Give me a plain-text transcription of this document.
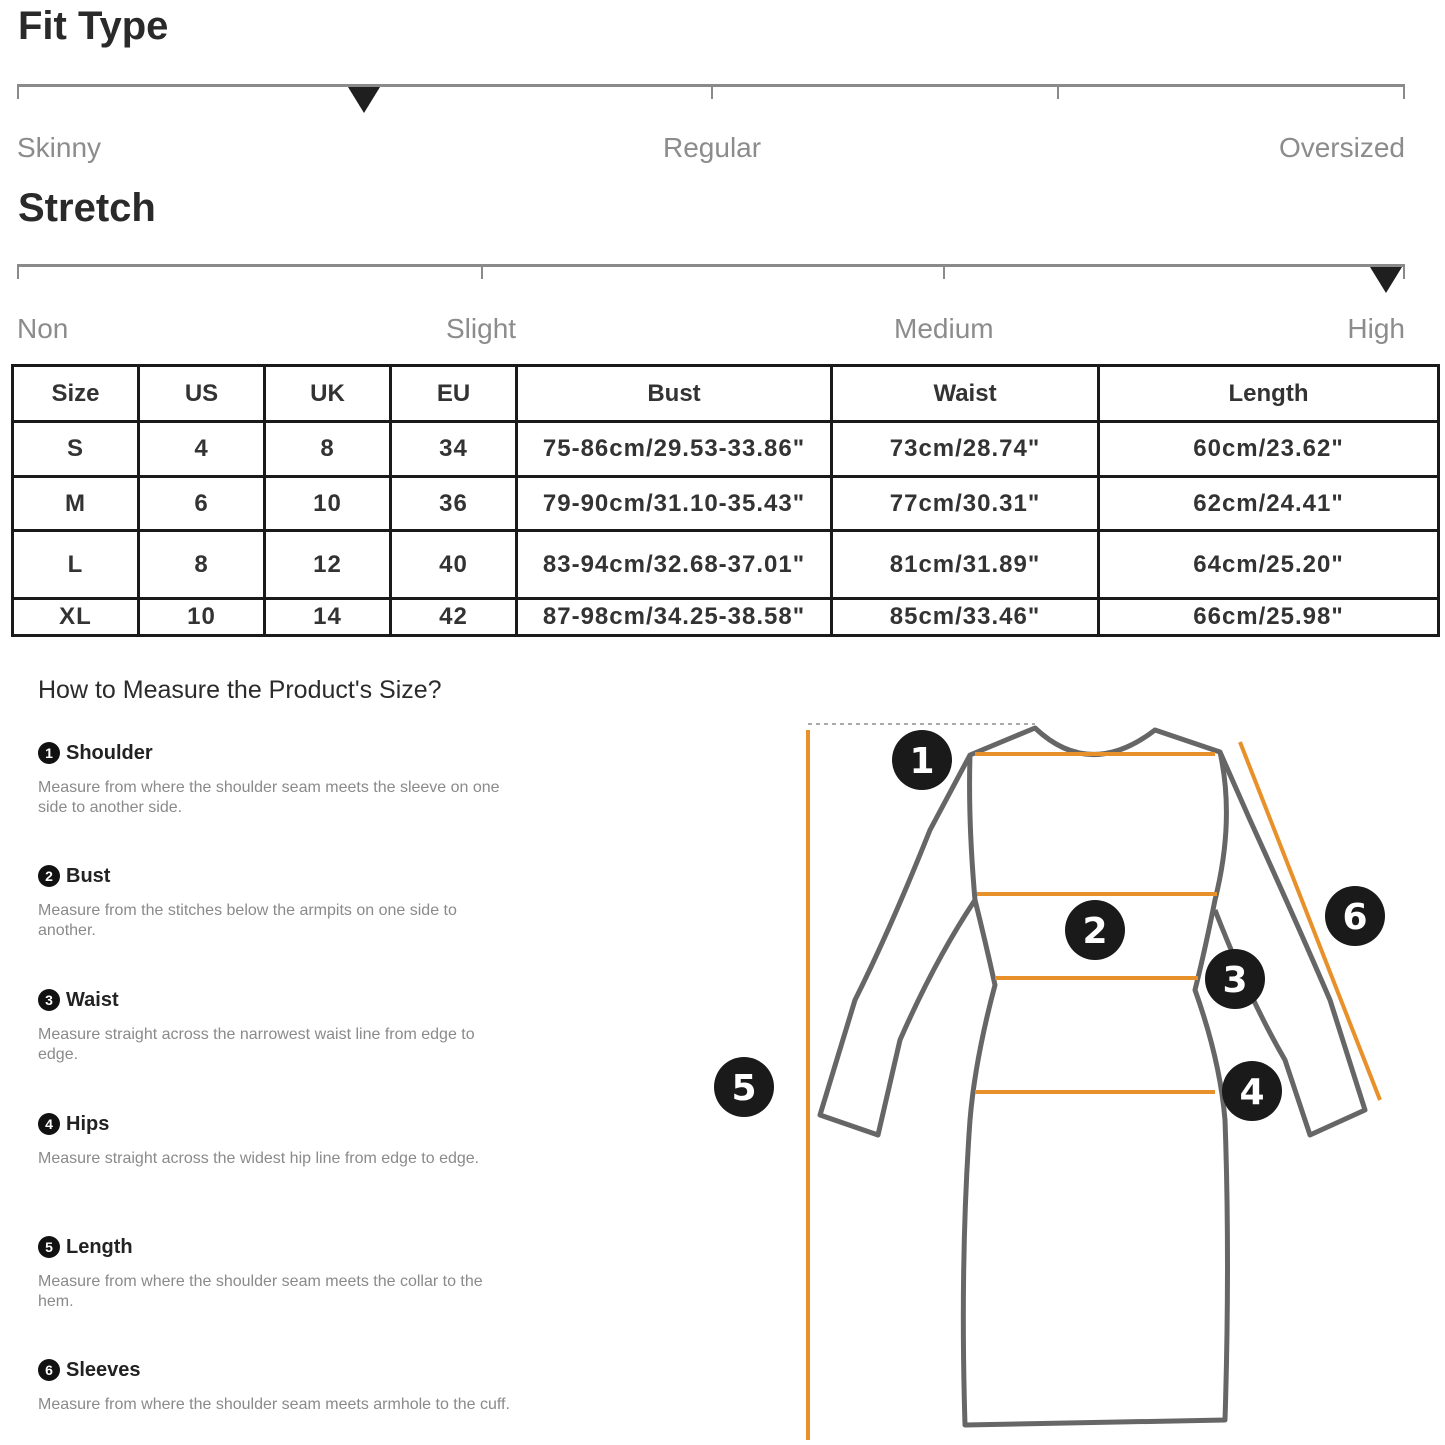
Fit Type
Skinny	Regular	Oversized
Stretch
Non	Slight	Medium	High
Size	US	UK	EU	Bust	Waist	Length
S	4	8	34	75-86cm/29.53-33.86"	73cm/28.74"	60cm/23.62"
M	6	10	36	79-90cm/31.10-35.43"	77cm/30.31"	62cm/24.41"
L	8	12	40	83-94cm/32.68-37.01"	81cm/31.89"	64cm/25.20"
XL	10	14	42	87-98cm/34.25-38.58"	85cm/33.46"	66cm/25.98"
How to Measure the Product's Size?
1 Shoulder
Measure from where the shoulder seam meets the sleeve on one side to another side.
2 Bust
Measure from the stitches below the armpits on one side to another.
3 Waist
Measure straight across the narrowest waist line from edge to edge.
4 Hips
Measure straight across the widest hip line from edge to edge.
5 Length
Measure from where the shoulder seam meets the collar to the hem.
6 Sleeves
Measure from where the shoulder seam meets armhole to the cuff.
1
2
3
4
5
6
